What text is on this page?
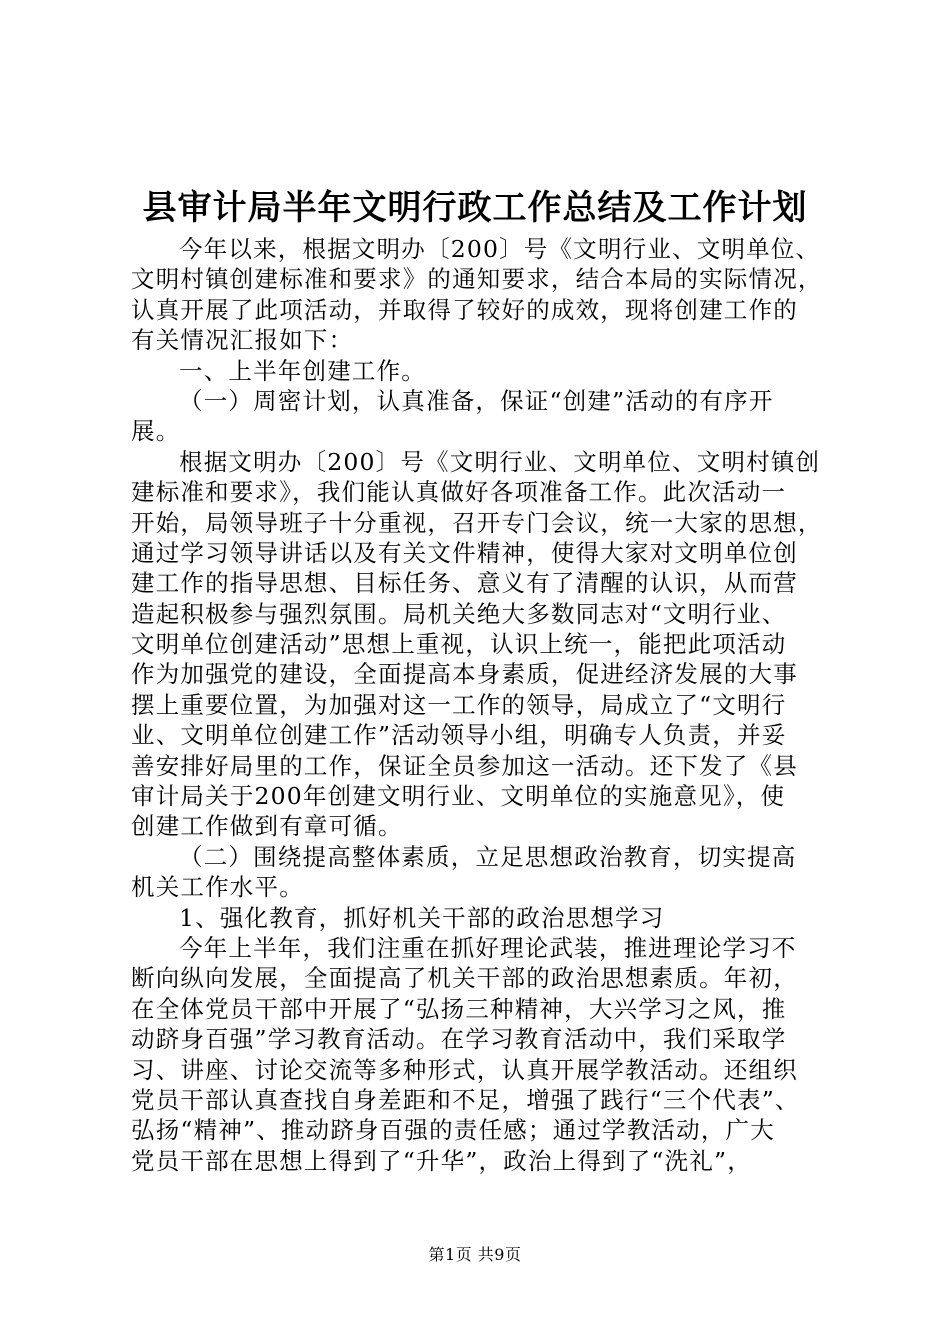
县审计局半年文明行政工作总结及工作计划
今年以来，根据文明办〔200〕号《文明行业、文明单位、
文明村镇创建标准和要求》的通知要求，结合本局的实际情况，
认真开展了此项活动，并取得了较好的成效，现将创建工作的
有关情况汇报如下：
一、上半年创建工作。
（一）周密计划，认真准备，保证“创建”活动的有序开
展。
根据文明办〔200〕号《文明行业、文明单位、文明村镇创
建标准和要求》，我们能认真做好各项准备工作。此次活动一
开始，局领导班子十分重视，召开专门会议，统一大家的思想，
通过学习领导讲话以及有关文件精神，使得大家对文明单位创
建工作的指导思想、目标任务、意义有了清醒的认识，从而营
造起积极参与强烈氛围。局机关绝大多数同志对“文明行业、
文明单位创建活动”思想上重视，认识上统一，能把此项活动
作为加强党的建设，全面提高本身素质，促进经济发展的大事
摆上重要位置，为加强对这一工作的领导，局成立了“文明行
业、文明单位创建工作”活动领导小组，明确专人负责，并妥
善安排好局里的工作，保证全员参加这一活动。还下发了《县
审计局关于200年创建文明行业、文明单位的实施意见》，使
创建工作做到有章可循。
（二）围绕提高整体素质，立足思想政治教育，切实提高
机关工作水平。
1、强化教育，抓好机关干部的政治思想学习
今年上半年，我们注重在抓好理论武装，推进理论学习不
断向纵向发展，全面提高了机关干部的政治思想素质。年初，
在全体党员干部中开展了“弘扬三种精神，大兴学习之风，推
动跻身百强”学习教育活动。在学习教育活动中，我们采取学
习、讲座、讨论交流等多种形式，认真开展学教活动。还组织
党员干部认真查找自身差距和不足，增强了践行“三个代表”、
弘扬“精神”、推动跻身百强的责任感；通过学教活动，广大
党员干部在思想上得到了“升华”，政治上得到了“洗礼”，
第1页 共9页
